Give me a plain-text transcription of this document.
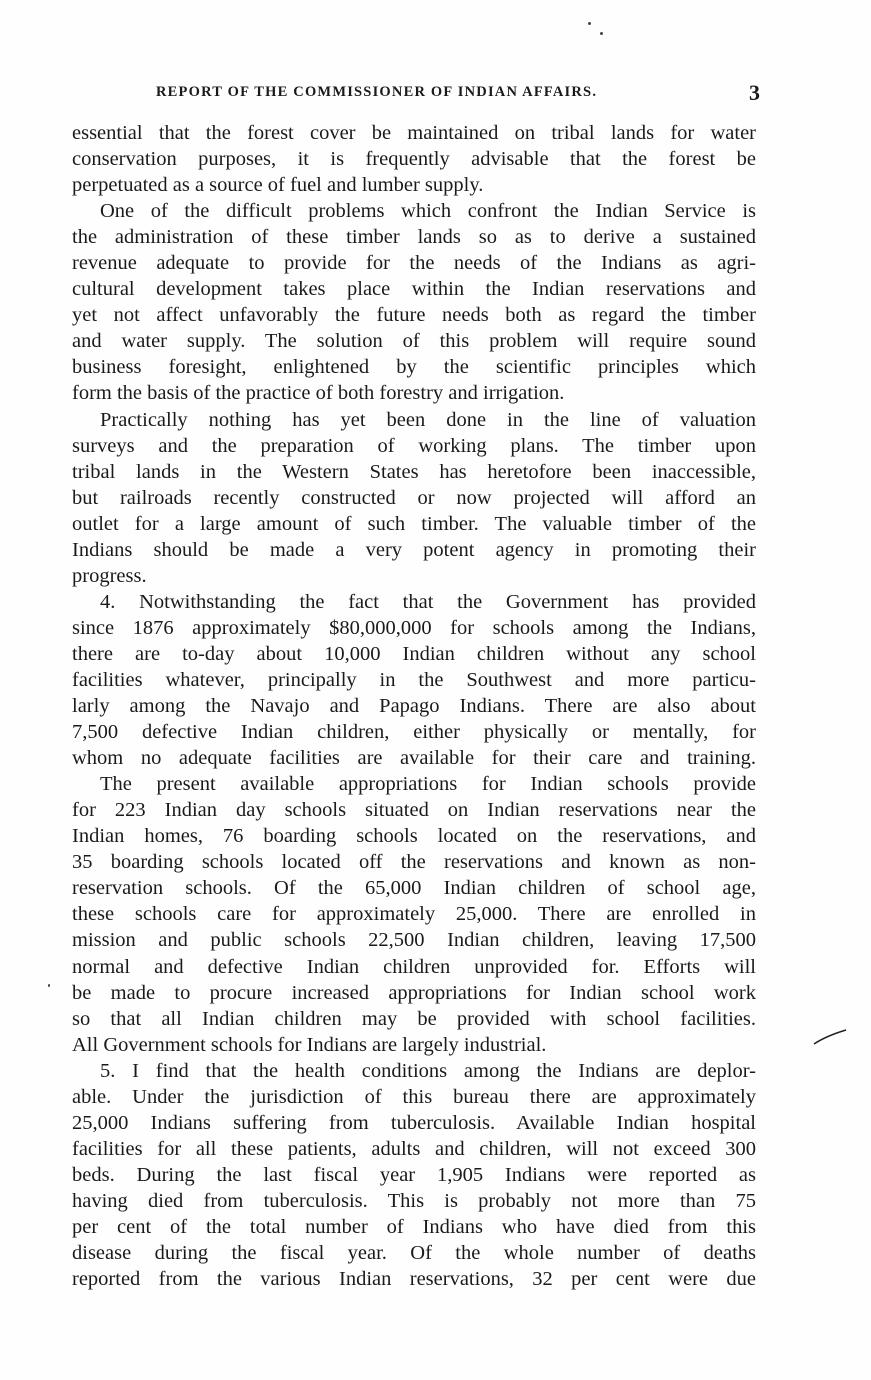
REPORT OF THE COMMISSIONER OF INDIAN AFFAIRS.	3
essential that the forest cover be maintained on tribal lands for water
conservation purposes, it is frequently advisable that the forest be
perpetuated as a source of fuel and lumber supply.
One of the difficult problems which confront the Indian Service is
the administration of these timber lands so as to derive a sustained
revenue adequate to provide for the needs of the Indians as agri-
cultural development takes place within the Indian reservations and
yet not affect unfavorably the future needs both as regard the timber
and water supply. The solution of this problem will require sound
business foresight, enlightened by the scientific principles which
form the basis of the practice of both forestry and irrigation.
Practically nothing has yet been done in the line of valuation
surveys and the preparation of working plans. The timber upon
tribal lands in the Western States has heretofore been inaccessible,
but railroads recently constructed or now projected will afford an
outlet for a large amount of such timber. The valuable timber of the
Indians should be made a very potent agency in promoting their
progress.
4. Notwithstanding the fact that the Government has provided
since 1876 approximately $80,000,000 for schools among the Indians,
there are to-day about 10,000 Indian children without any school
facilities whatever, principally in the Southwest and more particu-
larly among the Navajo and Papago Indians. There are also about
7,500 defective Indian children, either physically or mentally, for
whom no adequate facilities are available for their care and training.
The present available appropriations for Indian schools provide
for 223 Indian day schools situated on Indian reservations near the
Indian homes, 76 boarding schools located on the reservations, and
35 boarding schools located off the reservations and known as non-
reservation schools. Of the 65,000 Indian children of school age,
these schools care for approximately 25,000. There are enrolled in
mission and public schools 22,500 Indian children, leaving 17,500
normal and defective Indian children unprovided for. Efforts will
be made to procure increased appropriations for Indian school work
so that all Indian children may be provided with school facilities.
All Government schools for Indians are largely industrial.
5. I find that the health conditions among the Indians are deplor-
able. Under the jurisdiction of this bureau there are approximately
25,000 Indians suffering from tuberculosis. Available Indian hospital
facilities for all these patients, adults and children, will not exceed 300
beds. During the last fiscal year 1,905 Indians were reported as
having died from tuberculosis. This is probably not more than 75
per cent of the total number of Indians who have died from this
disease during the fiscal year. Of the whole number of deaths
reported from the various Indian reservations, 32 per cent were due
